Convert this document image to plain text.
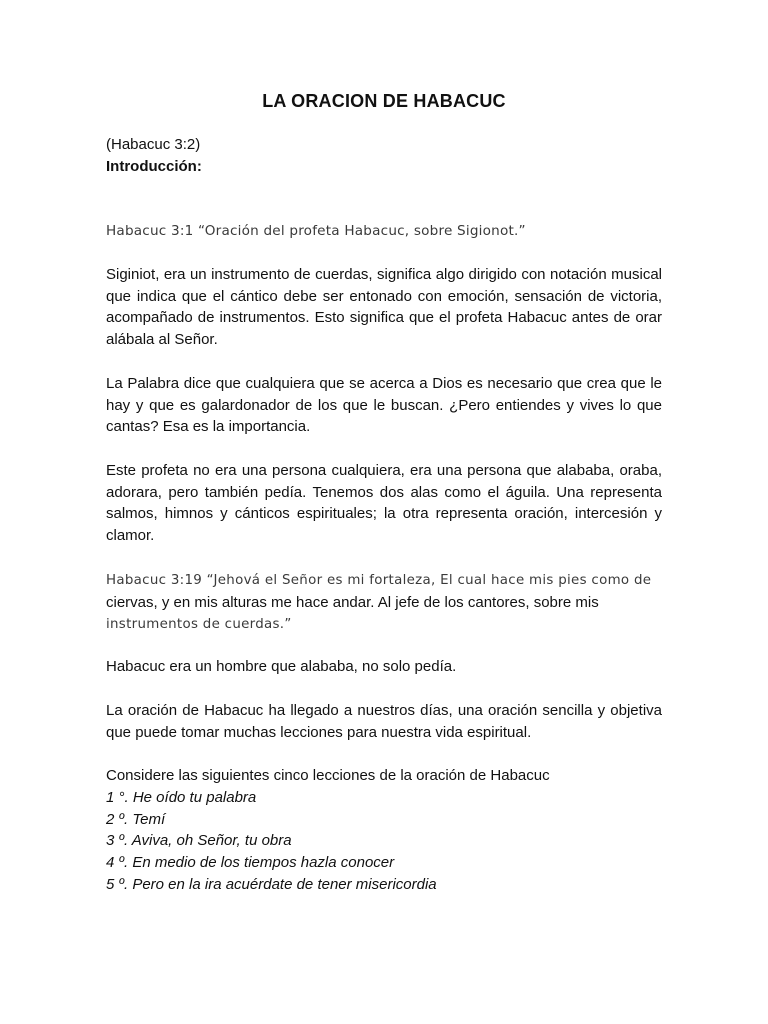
LA ORACION DE HABACUC

(Habacuc 3:2)

Introducción:

Habacuc 3:1 “Oración del profeta Habacuc, sobre Sigionot.”

Siginiot, era un instrumento de cuerdas, significa algo dirigido con notación musical que indica que el cántico debe ser entonado con emoción, sensación de victoria, acompañado de instrumentos. Esto significa que el profeta Habacuc antes de orar alábala al Señor.

La Palabra dice que cualquiera que se acerca a Dios es necesario que crea que le hay y que es galardonador de los que le buscan. ¿Pero entiendes y vives lo que cantas? Esa es la importancia.

Este profeta no era una persona cualquiera, era una persona que alababa, oraba, adorara, pero también pedía. Tenemos dos alas como el águila. Una representa salmos, himnos y cánticos espirituales; la otra representa oración, intercesión y clamor.

Habacuc 3:19 “Jehová el Señor es mi fortaleza, El cual hace mis pies como de
ciervas, y en mis alturas me hace andar. Al jefe de los cantores, sobre mis
instrumentos de cuerdas.”

Habacuc era un hombre que alababa, no solo pedía.

La oración de Habacuc ha llegado a nuestros días, una oración sencilla y objetiva que puede tomar muchas lecciones para nuestra vida espiritual.

Considere las siguientes cinco lecciones de la oración de Habacuc

1 °. He oído tu palabra
2 º. Temí
3 º. Aviva, oh Señor, tu obra
4 º. En medio de los tiempos hazla conocer
5 º. Pero en la ira acuérdate de tener misericordia
